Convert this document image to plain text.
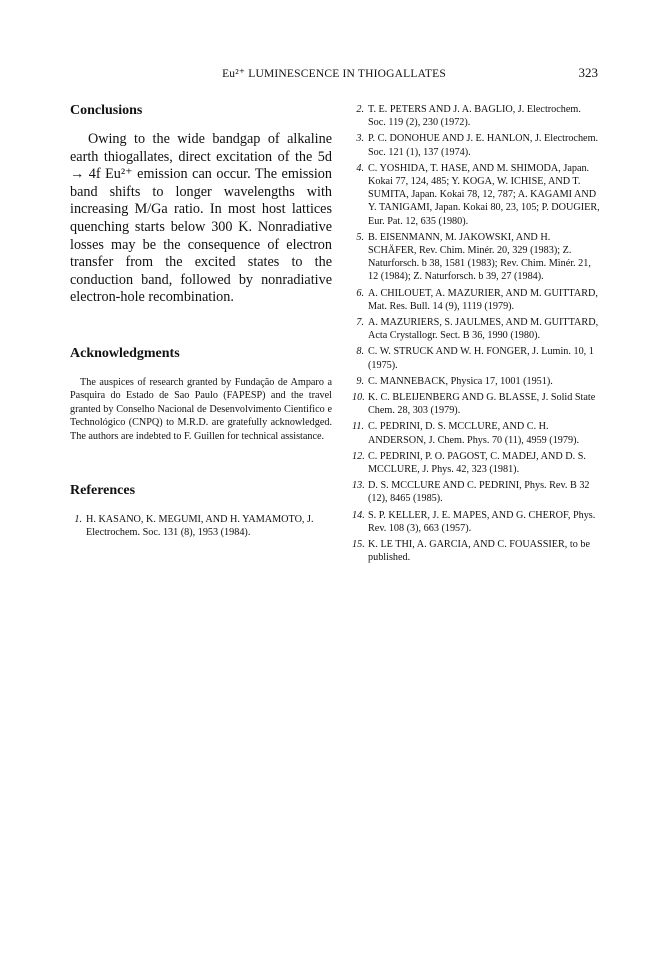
Eu²⁺ LUMINESCENCE IN THIOGALLATES	323
Conclusions

Owing to the wide bandgap of alkaline earth thiogallates, direct excitation of the 5d → 4f Eu²⁺ emission can occur. The emission band shifts to longer wavelengths with increasing M/Ga ratio. In most host lattices quenching starts below 300 K. Nonradiative losses may be the consequence of electron transfer from the excited states to the conduction band, followed by nonradiative electron-hole recombination.

Acknowledgments

The auspices of research granted by Fundação de Amparo a Pasquira do Estado de Sao Paulo (FAPESP) and the travel granted by Conselho Nacional de Desenvolvimento Cientifico e Technológico (CNPQ) to M.R.D. are gratefully acknowledged. The authors are indebted to F. Guillen for technical assistance.

References
1. H. KASANO, K. MEGUMI, AND H. YAMAMOTO, J. Electrochem. Soc. 131 (8), 1953 (1984).
2. T. E. PETERS AND J. A. BAGLIO, J. Electrochem. Soc. 119 (2), 230 (1972).
3. P. C. DONOHUE AND J. E. HANLON, J. Electrochem. Soc. 121 (1), 137 (1974).
4. C. YOSHIDA, T. HASE, AND M. SHIMODA, Japan. Kokai 77, 124, 485; Y. KOGA, W. ICHISE, AND T. SUMITA, Japan. Kokai 78, 12, 787; A. KAGAMI AND Y. TANIGAMI, Japan. Kokai 80, 23, 105; P. DOUGIER, Eur. Pat. 12, 635 (1980).
5. B. EISENMANN, M. JAKOWSKI, AND H. SCHÄFER, Rev. Chim. Minér. 20, 329 (1983); Z. Naturforsch. b 38, 1581 (1983); Rev. Chim. Minér. 21, 12 (1984); Z. Naturforsch. b 39, 27 (1984).
6. A. CHILOUET, A. MAZURIER, AND M. GUITTARD, Mat. Res. Bull. 14 (9), 1119 (1979).
7. A. MAZURIERS, S. JAULMES, AND M. GUITTARD, Acta Crystallogr. Sect. B 36, 1990 (1980).
8. C. W. STRUCK AND W. H. FONGER, J. Lumin. 10, 1 (1975).
9. C. MANNEBACK, Physica 17, 1001 (1951).
10. K. C. BLEIJENBERG AND G. BLASSE, J. Solid State Chem. 28, 303 (1979).
11. C. PEDRINI, D. S. MCCLURE, AND C. H. ANDERSON, J. Chem. Phys. 70 (11), 4959 (1979).
12. C. PEDRINI, P. O. PAGOST, C. MADEJ, AND D. S. MCCLURE, J. Phys. 42, 323 (1981).
13. D. S. MCCLURE AND C. PEDRINI, Phys. Rev. B 32 (12), 8465 (1985).
14. S. P. KELLER, J. E. MAPES, AND G. CHEROF, Phys. Rev. 108 (3), 663 (1957).
15. K. LE THI, A. GARCIA, AND C. FOUASSIER, to be published.
